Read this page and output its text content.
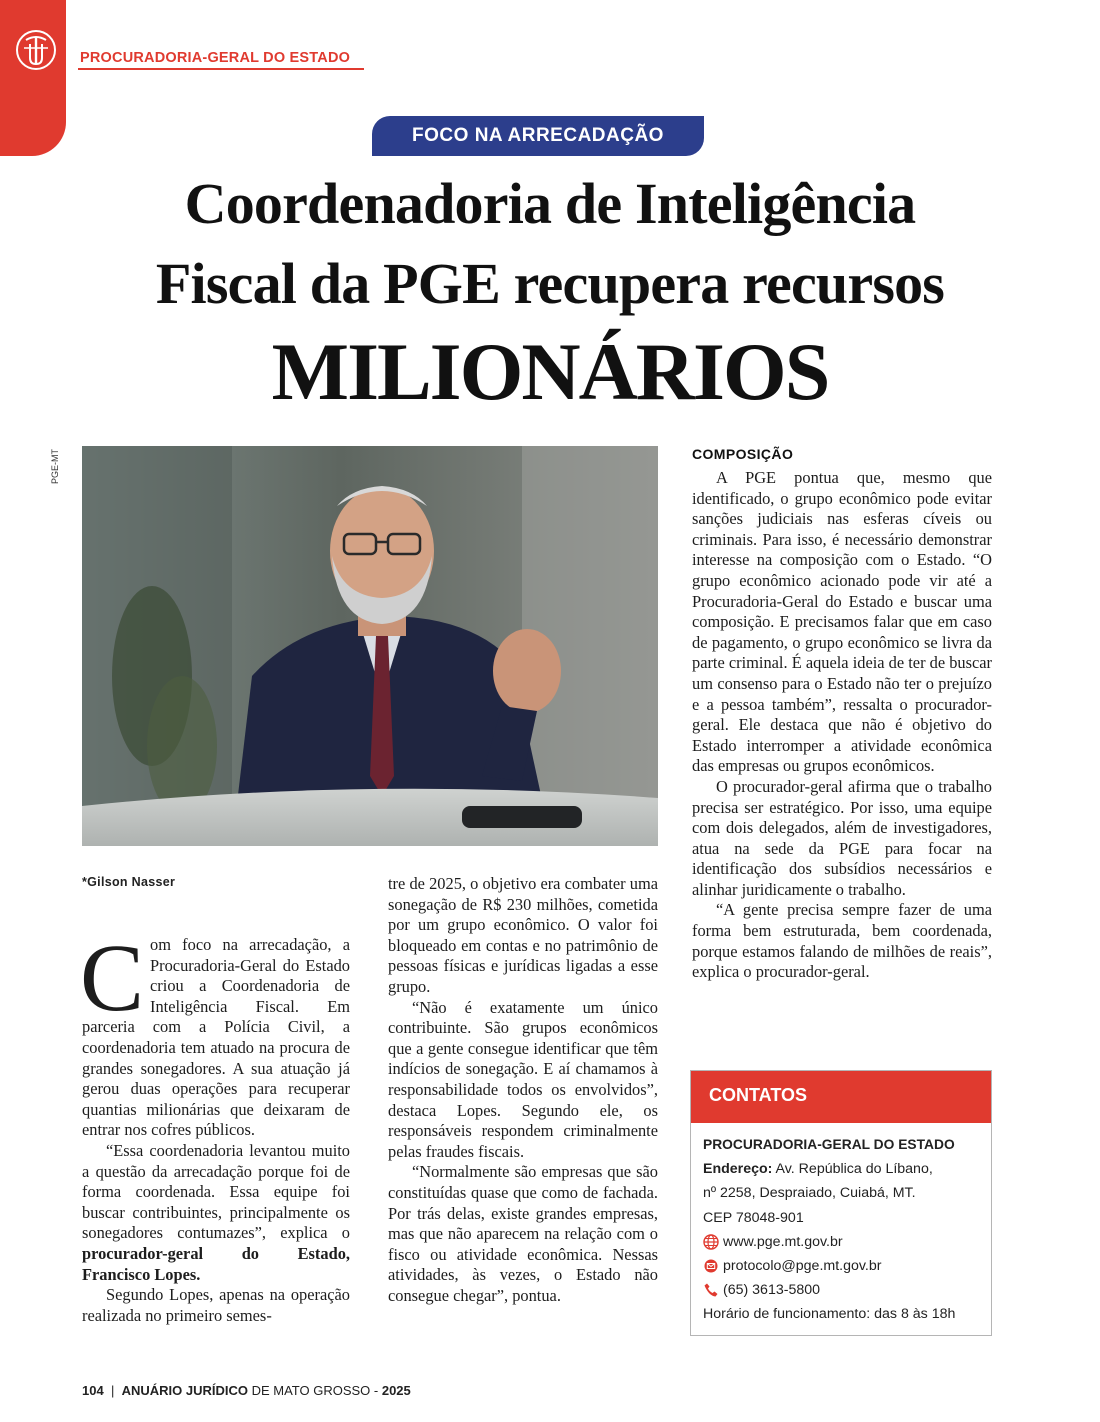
PROCURADORIA-GERAL DO ESTADO
FOCO NA ARRECADAÇÃO
Coordenadoria de Inteligência
Fiscal da PGE recupera recursos
MILIONÁRIOS
PGE-MT
*Gilson Nasser

Com foco na arrecadação, a Procuradoria-Geral do Estado criou a Coordenadoria de Inteligência Fiscal. Em parceria com a Polícia Civil, a coordenadoria tem atuado na procura de grandes sonegadores. A sua atuação já gerou duas operações para recuperar quantias milionárias que deixaram de entrar nos cofres públicos.

“Essa coordenadoria levantou muito a questão da arrecadação porque foi de forma coordenada. Essa equipe foi buscar contribuintes, principalmente os sonegadores contumazes”, explica o procurador-geral do Estado, Francisco Lopes.

Segundo Lopes, apenas na operação realizada no primeiro semes-

tre de 2025, o objetivo era combater uma sonegação de R$ 230 milhões, cometida por um grupo econômico. O valor foi bloqueado em contas e no patrimônio de pessoas físicas e jurídicas ligadas a esse grupo.

“Não é exatamente um único contribuinte. São grupos econômicos que a gente consegue identificar que têm indícios de sonegação. E aí chamamos à responsabilidade todos os envolvidos”, destaca Lopes. Segundo ele, os responsáveis respondem criminalmente pelas fraudes fiscais.

“Normalmente são empresas que são constituídas quase que como de fachada. Por trás delas, existe grandes empresas, mas que não aparecem na relação com o fisco ou atividade econômica. Nessas atividades, às vezes, o Estado não consegue chegar”, pontua.

COMPOSIÇÃO

A PGE pontua que, mesmo que identificado, o grupo econômico pode evitar sanções judiciais nas esferas cíveis ou criminais. Para isso, é necessário demonstrar interesse na composição com o Estado. “O grupo econômico acionado pode vir até a Procuradoria-Geral do Estado e buscar uma composição. E precisamos falar que em caso de pagamento, o grupo econômico se livra da parte criminal. É aquela ideia de ter de buscar um consenso para o Estado não ter o prejuízo e a pessoa também”, ressalta o procurador-geral. Ele destaca que não é objetivo do Estado interromper a atividade econômica das empresas ou grupos econômicos.

O procurador-geral afirma que o trabalho precisa ser estratégico. Por isso, uma equipe com dois delegados, além de investigadores, atua na sede da PGE para focar na identificação dos subsídios necessários e alinhar juridicamente o trabalho.

“A gente precisa sempre fazer de uma forma bem estruturada, bem coordenada, porque estamos falando de milhões de reais”, explica o procurador-geral.

CONTATOS
PROCURADORIA-GERAL DO ESTADO
Endereço: Av. República do Líbano,
nº 2258, Despraiado, Cuiabá, MT.
CEP 78048-901
www.pge.mt.gov.br
protocolo@pge.mt.gov.br
(65) 3613-5800
Horário de funcionamento: das 8 às 18h
104 | ANUÁRIO JURÍDICO DE MATO GROSSO - 2025
